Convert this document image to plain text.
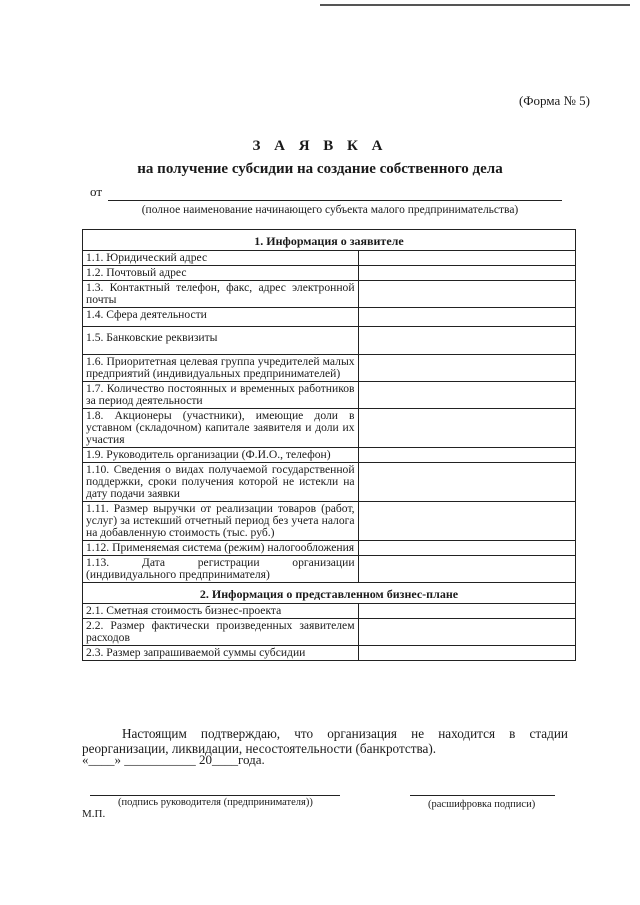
(Форма № 5)
З А Я В К А
на получение субсидии на создание собственного дела
от
(полное наименование начинающего субъекта малого предпринимательства)
1. Информация о заявителе	
1.1. Юридический адрес	
1.2. Почтовый адрес	
1.3. Контактный телефон, факс, адрес электронной почты	
1.4. Сфера деятельности	
1.5. Банковские реквизиты	
1.6. Приоритетная целевая группа учредителей малых предприятий (индивидуальных предпринимателей)	
1.7. Количество постоянных и временных работников за период деятельности	
1.8. Акционеры (участники), имеющие доли в уставном (складочном) капитале заявителя и доли их участия	
1.9. Руководитель организации (Ф.И.О., телефон)	
1.10. Сведения о видах получаемой государственной поддержки, сроки получения которой не истекли на дату подачи заявки	
1.11. Размер выручки от реализации товаров (работ, услуг) за истекший отчетный период без учета налога на добавленную стоимость (тыс. руб.)	
1.12. Применяемая система (режим) налогообложения	
1.13. Дата регистрации организации (индивидуального предпринимателя)	
2. Информация о представленном бизнес-плане	
2.1. Сметная стоимость бизнес-проекта	
2.2. Размер фактически произведенных заявителем расходов	
2.3. Размер запрашиваемой суммы субсидии	
Настоящим подтверждаю, что организация не находится в стадии реорганизации, ликвидации, несостоятельности (банкротства).
«____» ___________ 20____года.
(подпись руководителя (предпринимателя))	(расшифровка подписи)
М.П.
